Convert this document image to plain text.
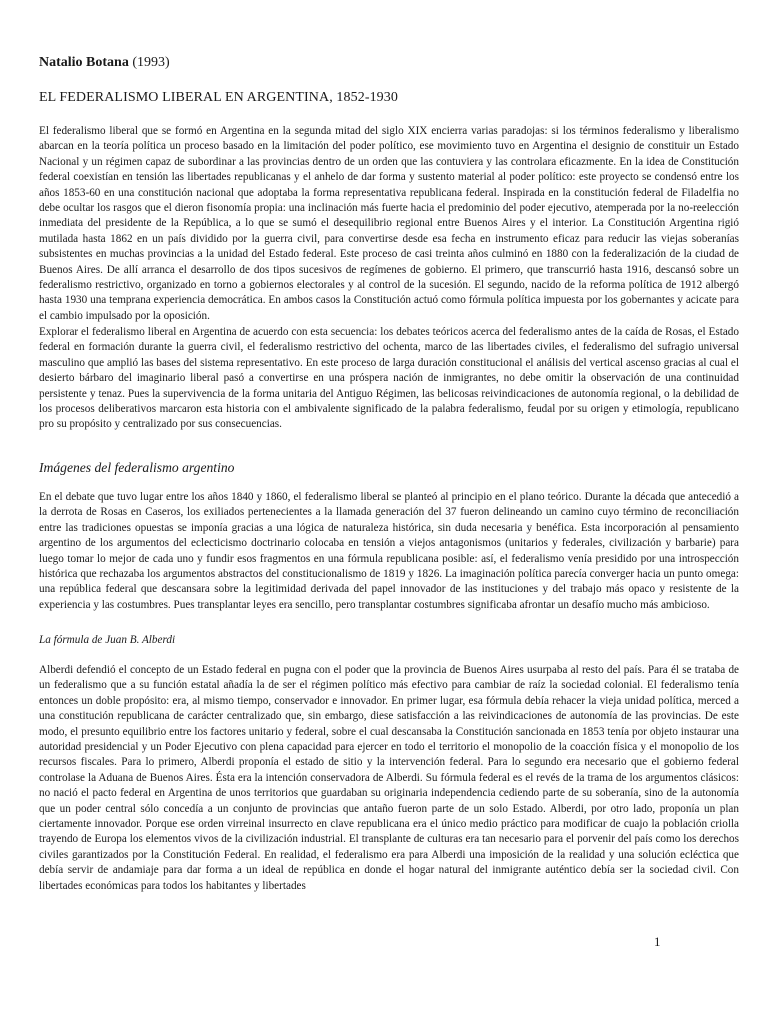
Natalio Botana (1993)
EL FEDERALISMO LIBERAL EN ARGENTINA, 1852-1930

El federalismo liberal que se formó en Argentina en la segunda mitad del siglo XIX encierra varias paradojas: si los términos federalismo y liberalismo abarcan en la teoría política un proceso basado en la limitación del poder político, ese movimiento tuvo en Argentina el designio de constituir un Estado Nacional y un régimen capaz de subordinar a las provincias dentro de un orden que las contuviera y las controlara eficazmente. En la idea de Constitución federal coexistían en tensión las libertades republicanas y el anhelo de dar forma y sustento material al poder político: este proyecto se condensó entre los años 1853-60 en una constitución nacional que adoptaba la forma representativa republicana federal. Inspirada en la constitución federal de Filadelfia no debe ocultar los rasgos que el dieron fisonomía propia: una inclinación más fuerte hacia el predominio del poder ejecutivo, atemperada por la no-reelección inmediata del presidente de la República, a lo que se sumó el desequilibrio regional entre Buenos Aires y el interior. La Constitución Argentina rigió mutilada hasta 1862 en un país dividido por la guerra civil, para convertirse desde esa fecha en instrumento eficaz para reducir las viejas soberanías subsistentes en muchas provincias a la unidad del Estado federal. Este proceso de casi treinta años culminó en 1880 con la federalización de la ciudad de Buenos Aires. De allí arranca el desarrollo de dos tipos sucesivos de regímenes de gobierno. El primero, que transcurrió hasta 1916, descansó sobre un federalismo restrictivo, organizado en torno a gobiernos electorales y al control de la sucesión. El segundo, nacido de la reforma política de 1912 albergó hasta 1930 una temprana experiencia democrática. En ambos casos la Constitución actuó como fórmula política impuesta por los gobernantes y acicate para el cambio impulsado por la oposición.

Explorar el federalismo liberal en Argentina de acuerdo con esta secuencia: los debates teóricos acerca del federalismo antes de la caída de Rosas, el Estado federal en formación durante la guerra civil, el federalismo restrictivo del ochenta, marco de las libertades civiles, el federalismo del sufragio universal masculino que amplió las bases del sistema representativo. En este proceso de larga duración constitucional el análisis del vertical ascenso gracias al cual el desierto bárbaro del imaginario liberal pasó a convertirse en una próspera nación de inmigrantes, no debe omitir la observación de una continuidad persistente y tenaz. Pues la supervivencia de la forma unitaria del Antiguo Régimen, las belicosas reivindicaciones de autonomía regional, o la debilidad de los procesos deliberativos marcaron esta historia con el ambivalente significado de la palabra federalismo, feudal por su origen y etimología, republicano pro su propósito y centralizado por sus consecuencias.

Imágenes del federalismo argentino

En el debate que tuvo lugar entre los años 1840 y 1860, el federalismo liberal se planteó al principio en el plano teórico. Durante la década que antecedió a la derrota de Rosas en Caseros, los exiliados pertenecientes a la llamada generación del 37 fueron delineando un camino cuyo término de reconciliación entre las tradiciones opuestas se imponía gracias a una lógica de naturaleza histórica, sin duda necesaria y benéfica. Esta incorporación al pensamiento argentino de los argumentos del eclecticismo doctrinario colocaba en tensión a viejos antagonismos (unitarios y federales, civilización y barbarie) para luego tomar lo mejor de cada uno y fundir esos fragmentos en una fórmula republicana posible: así, el federalismo venía presidido por una introspección histórica que rechazaba los argumentos abstractos del constitucionalismo de 1819 y 1826. La imaginación política parecía converger hacia un punto omega: una república federal que descansara sobre la legitimidad derivada del papel innovador de las instituciones y del trabajo más opaco y resistente de la experiencia y las costumbres. Pues transplantar leyes era sencillo, pero transplantar costumbres significaba afrontar un desafío mucho más ambicioso.

La fórmula de Juan B. Alberdi

Alberdi defendió el concepto de un Estado federal en pugna con el poder que la provincia de Buenos Aires usurpaba al resto del país. Para él se trataba de un federalismo que a su función estatal añadía la de ser el régimen político más efectivo para cambiar de raíz la sociedad colonial. El federalismo tenía entonces un doble propósito: era, al mismo tiempo, conservador e innovador. En primer lugar, esa fórmula debía rehacer la vieja unidad política, merced a una constitución republicana de carácter centralizado que, sin embargo, diese satisfacción a las reivindicaciones de autonomía de las provincias. De este modo, el presunto equilibrio entre los factores unitario y federal, sobre el cual descansaba la Constitución sancionada en 1853 tenía por objeto instaurar una autoridad presidencial y un Poder Ejecutivo con plena capacidad para ejercer en todo el territorio el monopolio de la coacción física y el monopolio de los recursos fiscales. Para lo primero, Alberdi proponía el estado de sitio y la intervención federal. Para lo segundo era necesario que el gobierno federal controlase la Aduana de Buenos Aires. Ésta era la intención conservadora de Alberdi. Su fórmula federal es el revés de la trama de los argumentos clásicos: no nació el pacto federal en Argentina de unos territorios que guardaban su originaria independencia cediendo parte de su soberanía, sino de la autonomía que un poder central sólo concedía a un conjunto de provincias que antaño fueron parte de un solo Estado. Alberdi, por otro lado, proponía un plan ciertamente innovador. Porque ese orden virreinal insurrecto en clave republicana era el único medio práctico para modificar de cuajo la población criolla trayendo de Europa los elementos vivos de la civilización industrial. El transplante de culturas era tan necesario para el porvenir del país como los derechos civiles garantizados por la Constitución Federal. En realidad, el federalismo era para Alberdi una imposición de la realidad y una solución ecléctica que debía servir de andamiaje para dar forma a un ideal de república en donde el hogar natural del inmigrante auténtico debía ser la sociedad civil. Con libertades económicas para todos los habitantes y libertades

1
